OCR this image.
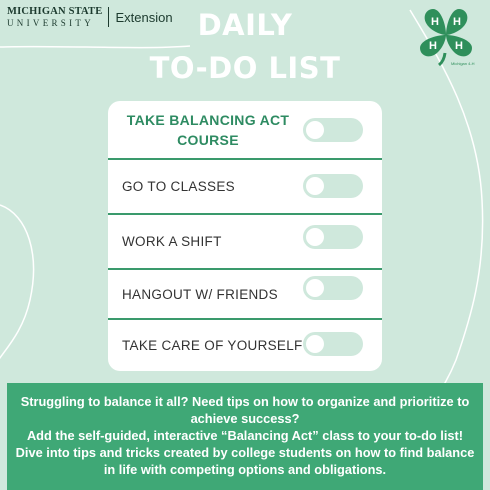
MICHIGAN STATE
UNIVERSITY	Extension DAILY
TO-DO LIST
H H
H H
Michigan 4-H
TAKE BALANCING ACT COURSE
GO TO CLASSES
WORK A SHIFT
HANGOUT W/ FRIENDS
TAKE CARE OF YOURSELF

Struggling to balance it all? Need tips on how to organize and prioritize to achieve success?

Add the self-guided, interactive “Balancing Act” class to your to-do list! Dive into tips and tricks created by college students on how to find balance in life with competing options and obligations.
